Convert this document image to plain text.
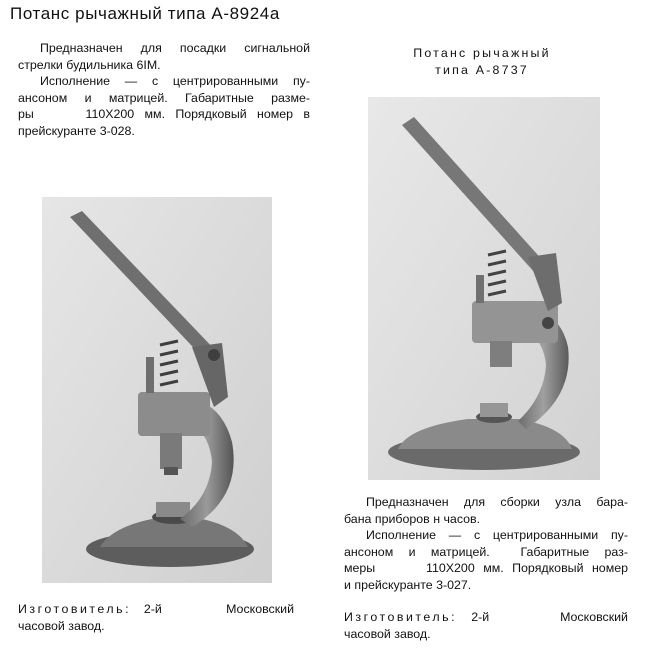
Потанс рычажный типа А-8924а

Предназначен для посадки сигнальной

стрелки будильника 6IМ.

Исполнение — с центрированными пу-

ансоном и матрицей. Габаритные разме-

ры     110X200 мм. Порядковый номер в

прейскуранте 3-028.

Изготовитель: 2-й     Московский

часовой завод.

Потанс рычажный
типа А-8737

Предназначен для сборки узла бара-

бана приборов н часов.

Исполнение — с центрированными пу-

ансоном и матрицей.  Габаритные раз-

меры      110X200 мм. Порядковый номер

и прейскуранте 3-027.

Изготовитель: 2-й     Московский

часовой завод.
